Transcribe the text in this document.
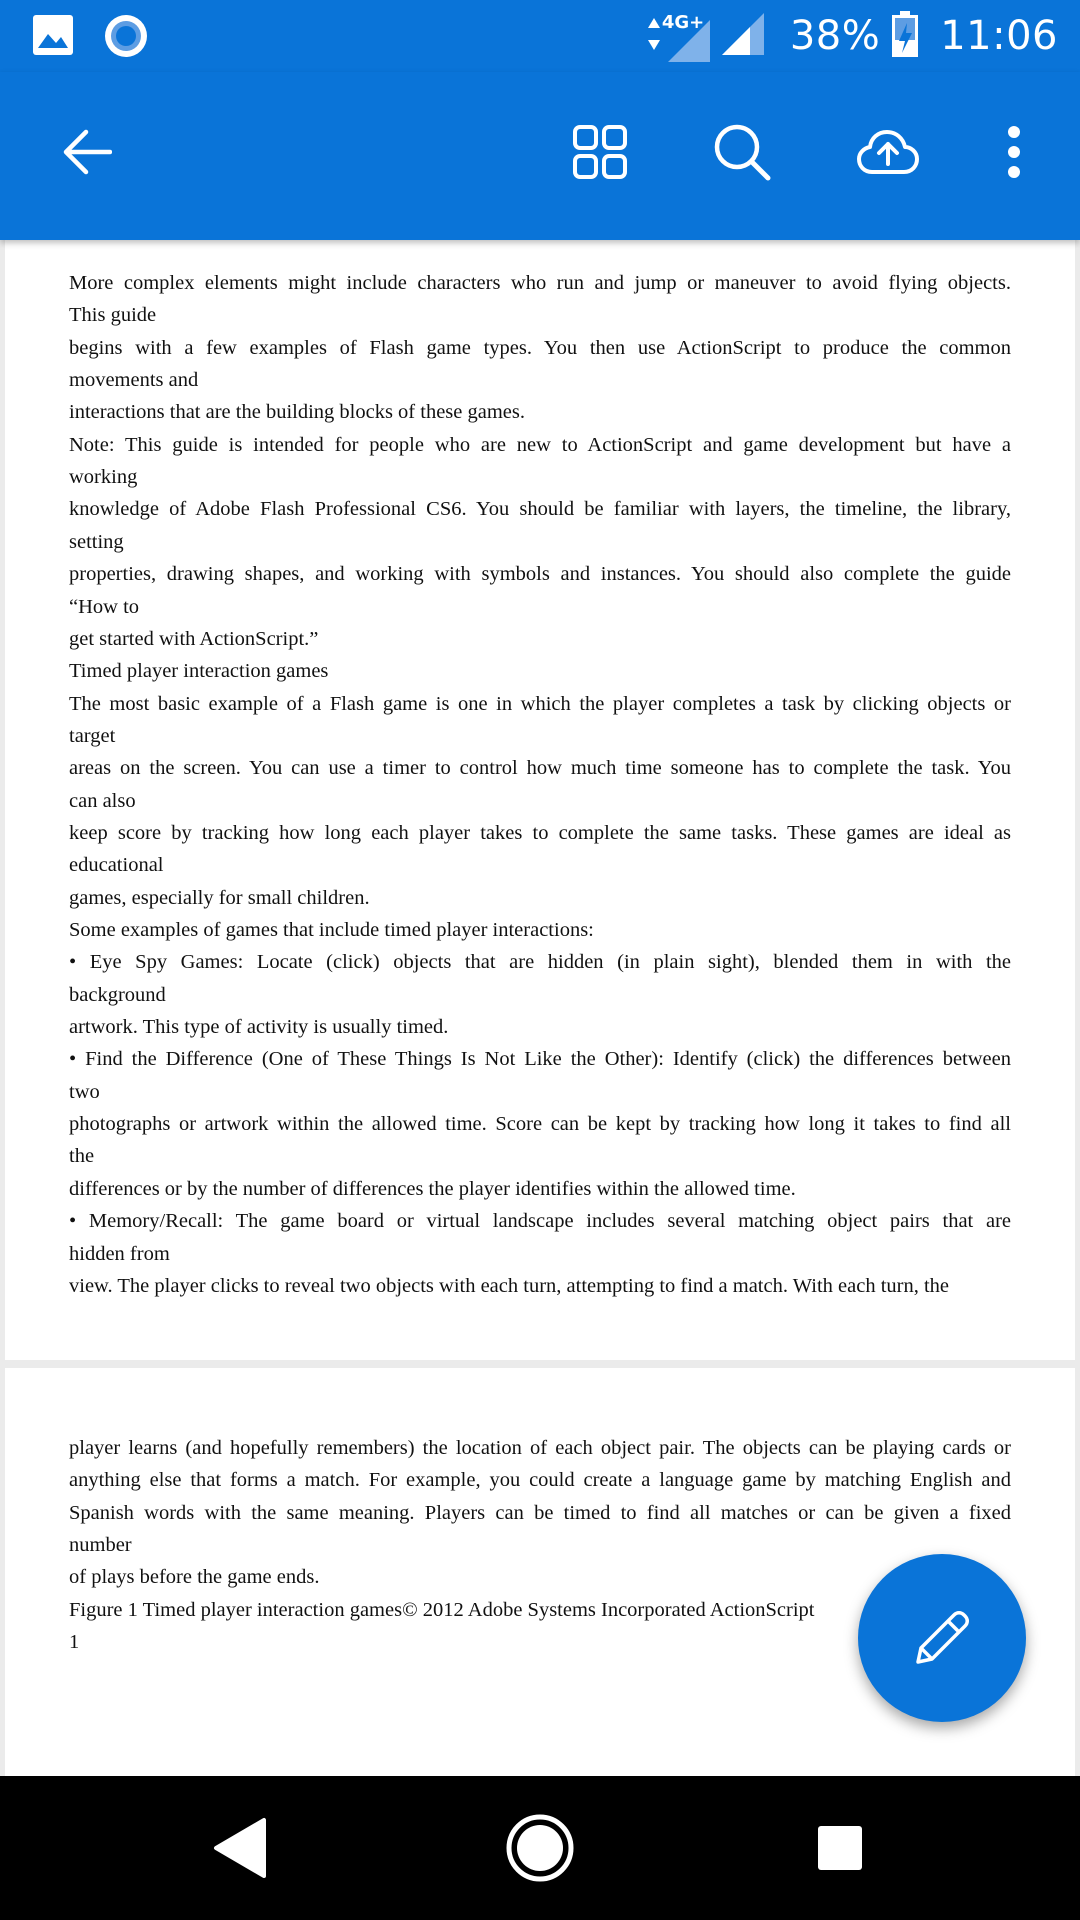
4G+ 38% 11:06
More complex elements might include characters who run and jump or maneuver to avoid flying objects.
This guide
begins with a few examples of Flash game types. You then use ActionScript to produce the common
movements and
interactions that are the building blocks of these games.
Note: This guide is intended for people who are new to ActionScript and game development but have a
working
knowledge of Adobe Flash Professional CS6. You should be familiar with layers, the timeline, the library,
setting
properties, drawing shapes, and working with symbols and instances. You should also complete the guide
“How to
get started with ActionScript.”
Timed player interaction games
The most basic example of a Flash game is one in which the player completes a task by clicking objects or
target
areas on the screen. You can use a timer to control how much time someone has to complete the task. You
can also
keep score by tracking how long each player takes to complete the same tasks. These games are ideal as
educational
games, especially for small children.
Some examples of games that include timed player interactions:
• Eye Spy Games: Locate (click) objects that are hidden (in plain sight), blended them in with the
background
artwork. This type of activity is usually timed.
• Find the Difference (One of These Things Is Not Like the Other): Identify (click) the differences between
two
photographs or artwork within the allowed time. Score can be kept by tracking how long it takes to find all
the
differences or by the number of differences the player identifies within the allowed time.
• Memory/Recall: The game board or virtual landscape includes several matching object pairs that are
hidden from
view. The player clicks to reveal two objects with each turn, attempting to find a match. With each turn, the
player learns (and hopefully remembers) the location of each object pair. The objects can be playing cards or
anything else that forms a match. For example, you could create a language game by matching English and
Spanish words with the same meaning. Players can be timed to find all matches or can be given a fixed
number
of plays before the game ends.
Figure 1 Timed player interaction games© 2012 Adobe Systems Incorporated ActionScript
1
